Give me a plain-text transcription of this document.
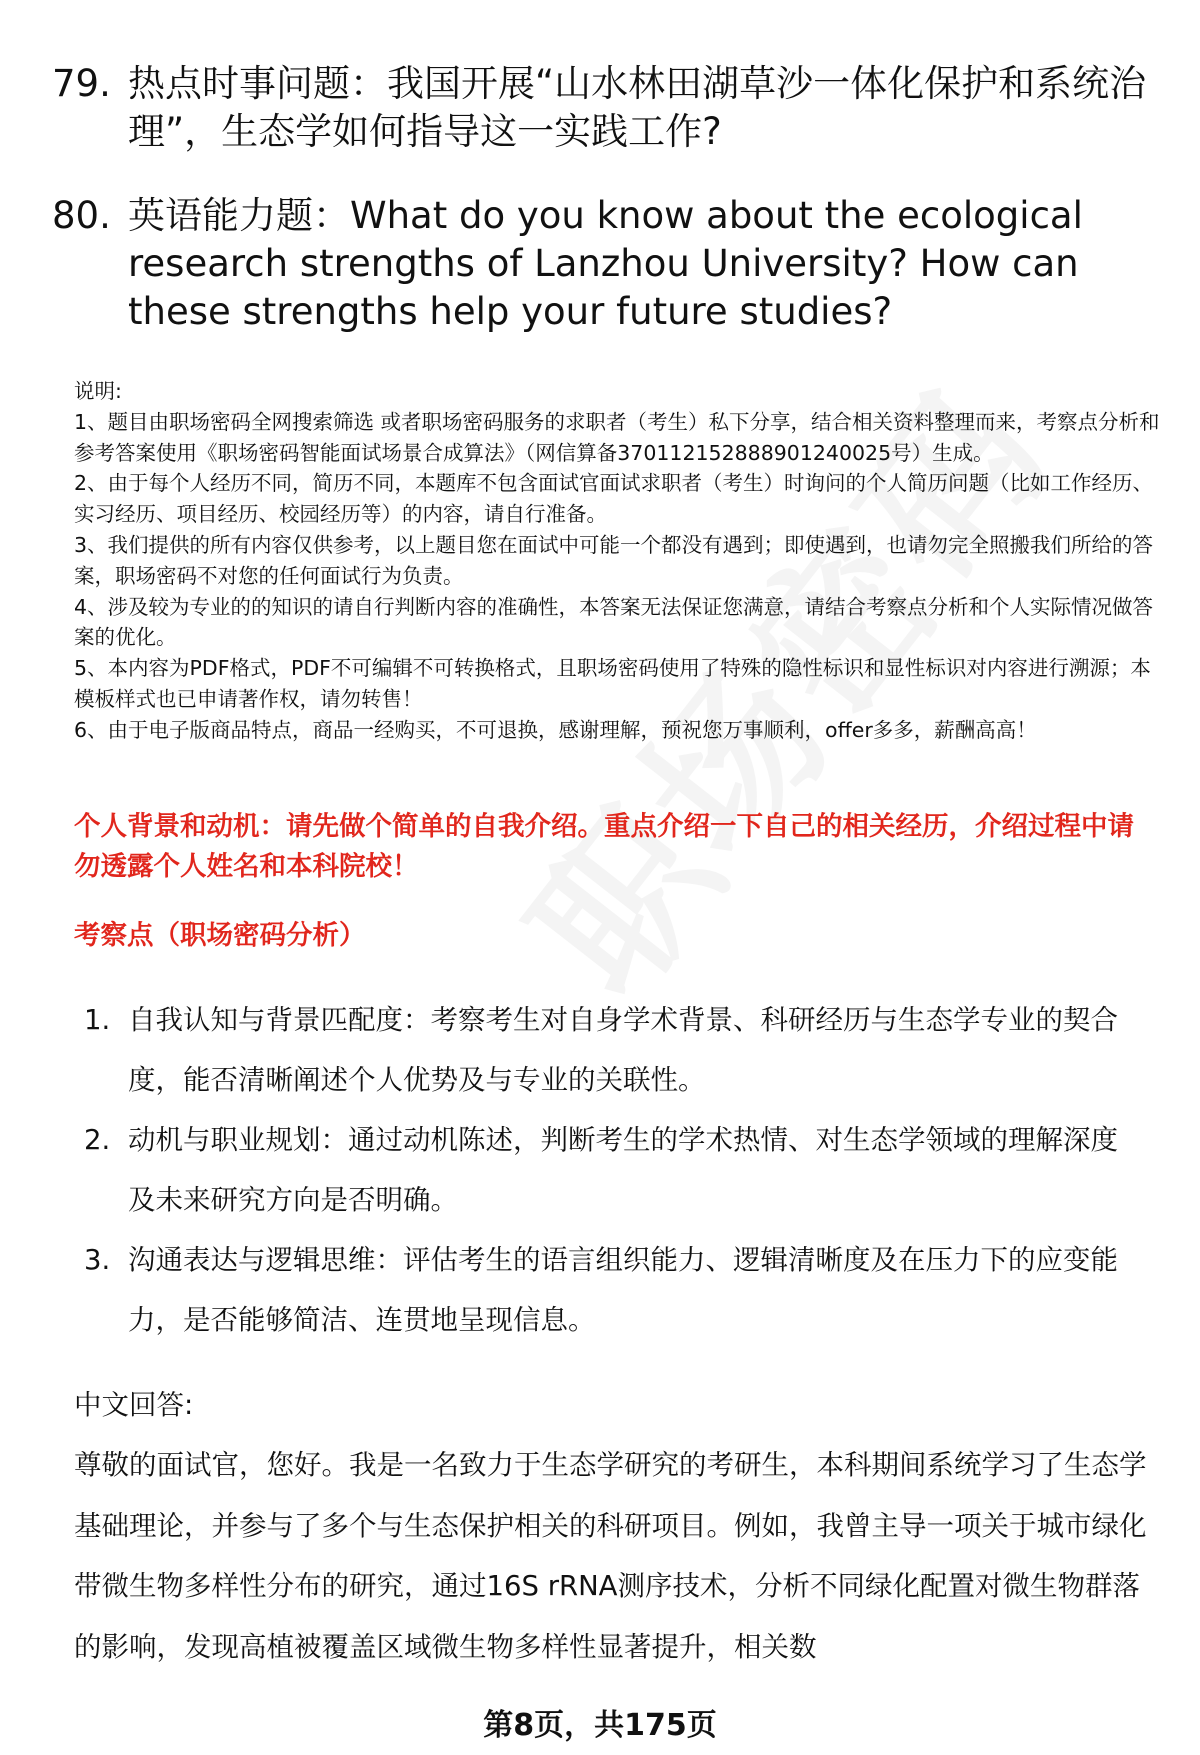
79. 热点时事问题：我国开展“山水林田湖草沙一体化保护和系统治理”，生态学如何指导这一实践工作?
80. 英语能力题：What do you know about the ecological research strengths of Lanzhou University? How can these strengths help your future studies?

说明:

1、题目由职场密码全网搜索筛选 或者职场密码服务的求职者（考生）私下分享，结合相关资料整理而来，考察点分析和参考答案使用《职场密码智能面试场景合成算法》（网信算备370112152888901240025号）生成。

2、由于每个人经历不同，简历不同，本题库不包含面试官面试求职者（考生）时询问的个人简历问题（比如工作经历、实习经历、项目经历、校园经历等）的内容，请自行准备。

3、我们提供的所有内容仅供参考，以上题目您在面试中可能一个都没有遇到；即使遇到，也请勿完全照搬我们所给的答案，职场密码不对您的任何面试行为负责。

4、涉及较为专业的的知识的请自行判断内容的准确性，本答案无法保证您满意，请结合考察点分析和个人实际情况做答案的优化。

5、本内容为PDF格式，PDF不可编辑不可转换格式，且职场密码使用了特殊的隐性标识和显性标识对内容进行溯源；本模板样式也已申请著作权，请勿转售！

6、由于电子版商品特点，商品一经购买，不可退换，感谢理解，预祝您万事顺利，offer多多，薪酬高高！

个人背景和动机：请先做个简单的自我介绍。重点介绍一下自己的相关经历，介绍过程中请勿透露个人姓名和本科院校！
考察点（职场密码分析）
1. 自我认知与背景匹配度：考察考生对自身学术背景、科研经历与生态学专业的契合度，能否清晰阐述个人优势及与专业的关联性。
2. 动机与职业规划：通过动机陈述，判断考生的学术热情、对生态学领域的理解深度及未来研究方向是否明确。
3. 沟通表达与逻辑思维：评估考生的语言组织能力、逻辑清晰度及在压力下的应变能力，是否能够简洁、连贯地呈现信息。
中文回答:
尊敬的面试官，您好。我是一名致力于生态学研究的考研生，本科期间系统学习了生态学基础理论，并参与了多个与生态保护相关的科研项目。例如，我曾主导一项关于城市绿化带微生物多样性分布的研究，通过16S rRNA测序技术，分析不同绿化配置对微生物群落的影响，发现高植被覆盖区域微生物多样性显著提升，相关数
第8页，共175页
